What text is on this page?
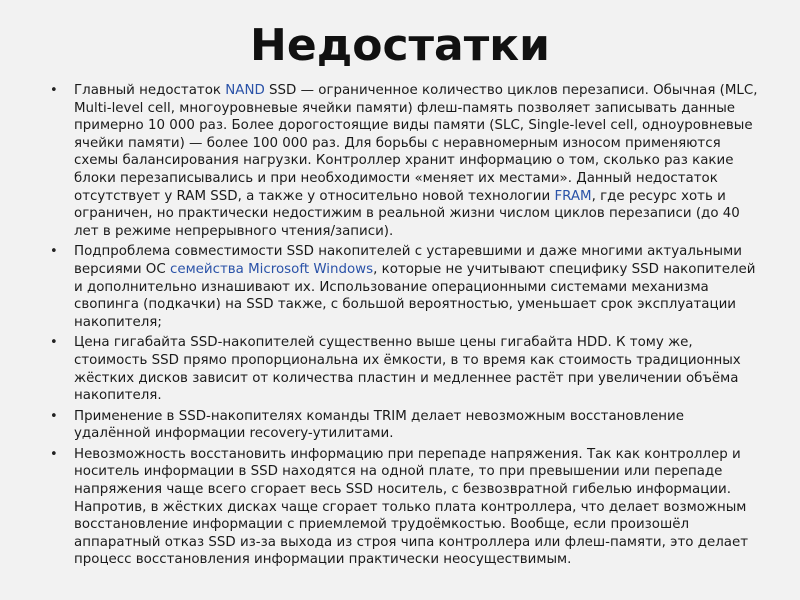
Недостатки
• Главный недостаток NAND SSD — ограниченное количество циклов перезаписи. Обычная (MLC, Multi-level cell, многоуровневые ячейки памяти) флеш-память позволяет записывать данные примерно 10 000 раз. Более дорогостоящие виды памяти (SLC, Single-level cell, одноуровневые ячейки памяти) — более 100 000 раз. Для борьбы с неравномерным износом применяются схемы балансирования нагрузки. Контроллер хранит информацию о том, сколько раз какие блоки перезаписывались и при необходимости «меняет их местами». Данный недостаток отсутствует у RAM SSD, а также у относительно новой технологии FRAM, где ресурс хоть и ограничен, но практически недостижим в реальной жизни числом циклов перезаписи (до 40 лет в режиме непрерывного чтения/записи).
• Подпроблема совместимости SSD накопителей с устаревшими и даже многими актуальными версиями ОС семейства Microsoft Windows, которые не учитывают специфику SSD накопителей и дополнительно изнашивают их. Использование операционными системами механизма свопинга (подкачки) на SSD также, с большой вероятностью, уменьшает срок эксплуатации накопителя;
• Цена гигабайта SSD-накопителей существенно выше цены гигабайта HDD. К тому же, стоимость SSD прямо пропорциональна их ёмкости, в то время как стоимость традиционных жёстких дисков зависит от количества пластин и медленнее растёт при увеличении объёма накопителя.
• Применение в SSD-накопителях команды TRIM делает невозможным восстановление удалённой информации recovery-утилитами.
• Невозможность восстановить информацию при перепаде напряжения. Так как контроллер и носитель информации в SSD находятся на одной плате, то при превышении или перепаде напряжения чаще всего сгорает весь SSD носитель, с безвозвратной гибелью информации. Напротив, в жёстких дисках чаще сгорает только плата контроллера, что делает возможным восстановление информации с приемлемой трудоёмкостью. Вообще, если произошёл аппаратный отказ SSD из-за выхода из строя чипа контроллера или флеш-памяти, это делает процесс восстановления информации практически неосуществимым.
